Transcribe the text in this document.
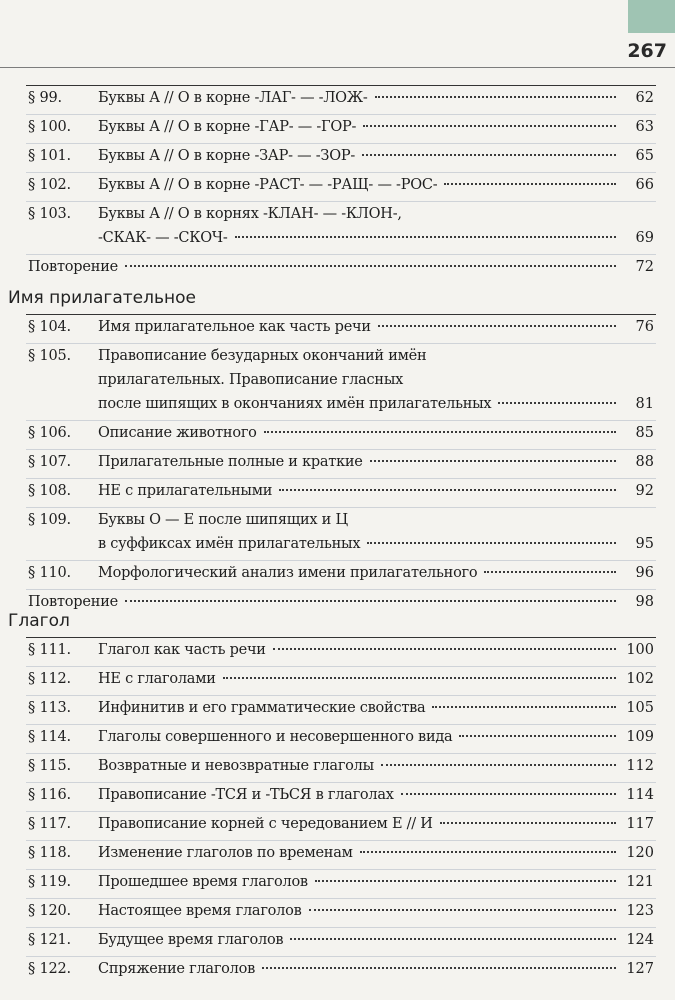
267
§ 99.	Буквы А // О в корне -ЛАГ- — -ЛОЖ-	62
§ 100.	Буквы А // О в корне -ГАР- — -ГОР-	63
§ 101.	Буквы А // О в корне -ЗАР- — -ЗОР-	65
§ 102.	Буквы А // О в корне -РАСТ- — -РАЩ- — -РОС-	66
§ 103.	Буквы А // О в корнях -КЛАН- — -КЛОН-,
-СКАК- — -СКОЧ-	69
Повторение	72
Имя прилагательное
§ 104.	Имя прилагательное как часть речи	76
§ 105.	Правописание безударных окончаний имён
прилагательных. Правописание гласных
после шипящих в окончаниях имён прилагательных	81
§ 106.	Описание животного	85
§ 107.	Прилагательные полные и краткие	88
§ 108.	НЕ с прилагательными	92
§ 109.	Буквы О — Е после шипящих и Ц
в суффиксах имён прилагательных	95
§ 110.	Морфологический анализ имени прилагательного	96
Повторение	98
Глагол
§ 111.	Глагол как часть речи	100
§ 112.	НЕ с глаголами	102
§ 113.	Инфинитив и его грамматические свойства	105
§ 114.	Глаголы совершенного и несовершенного вида	109
§ 115.	Возвратные и невозвратные глаголы	112
§ 116.	Правописание -ТСЯ и -ТЬСЯ в глаголах	114
§ 117.	Правописание корней с чередованием Е // И	117
§ 118.	Изменение глаголов по временам	120
§ 119.	Прошедшее время глаголов	121
§ 120.	Настоящее время глаголов	123
§ 121.	Будущее время глаголов	124
§ 122.	Спряжение глаголов	127
